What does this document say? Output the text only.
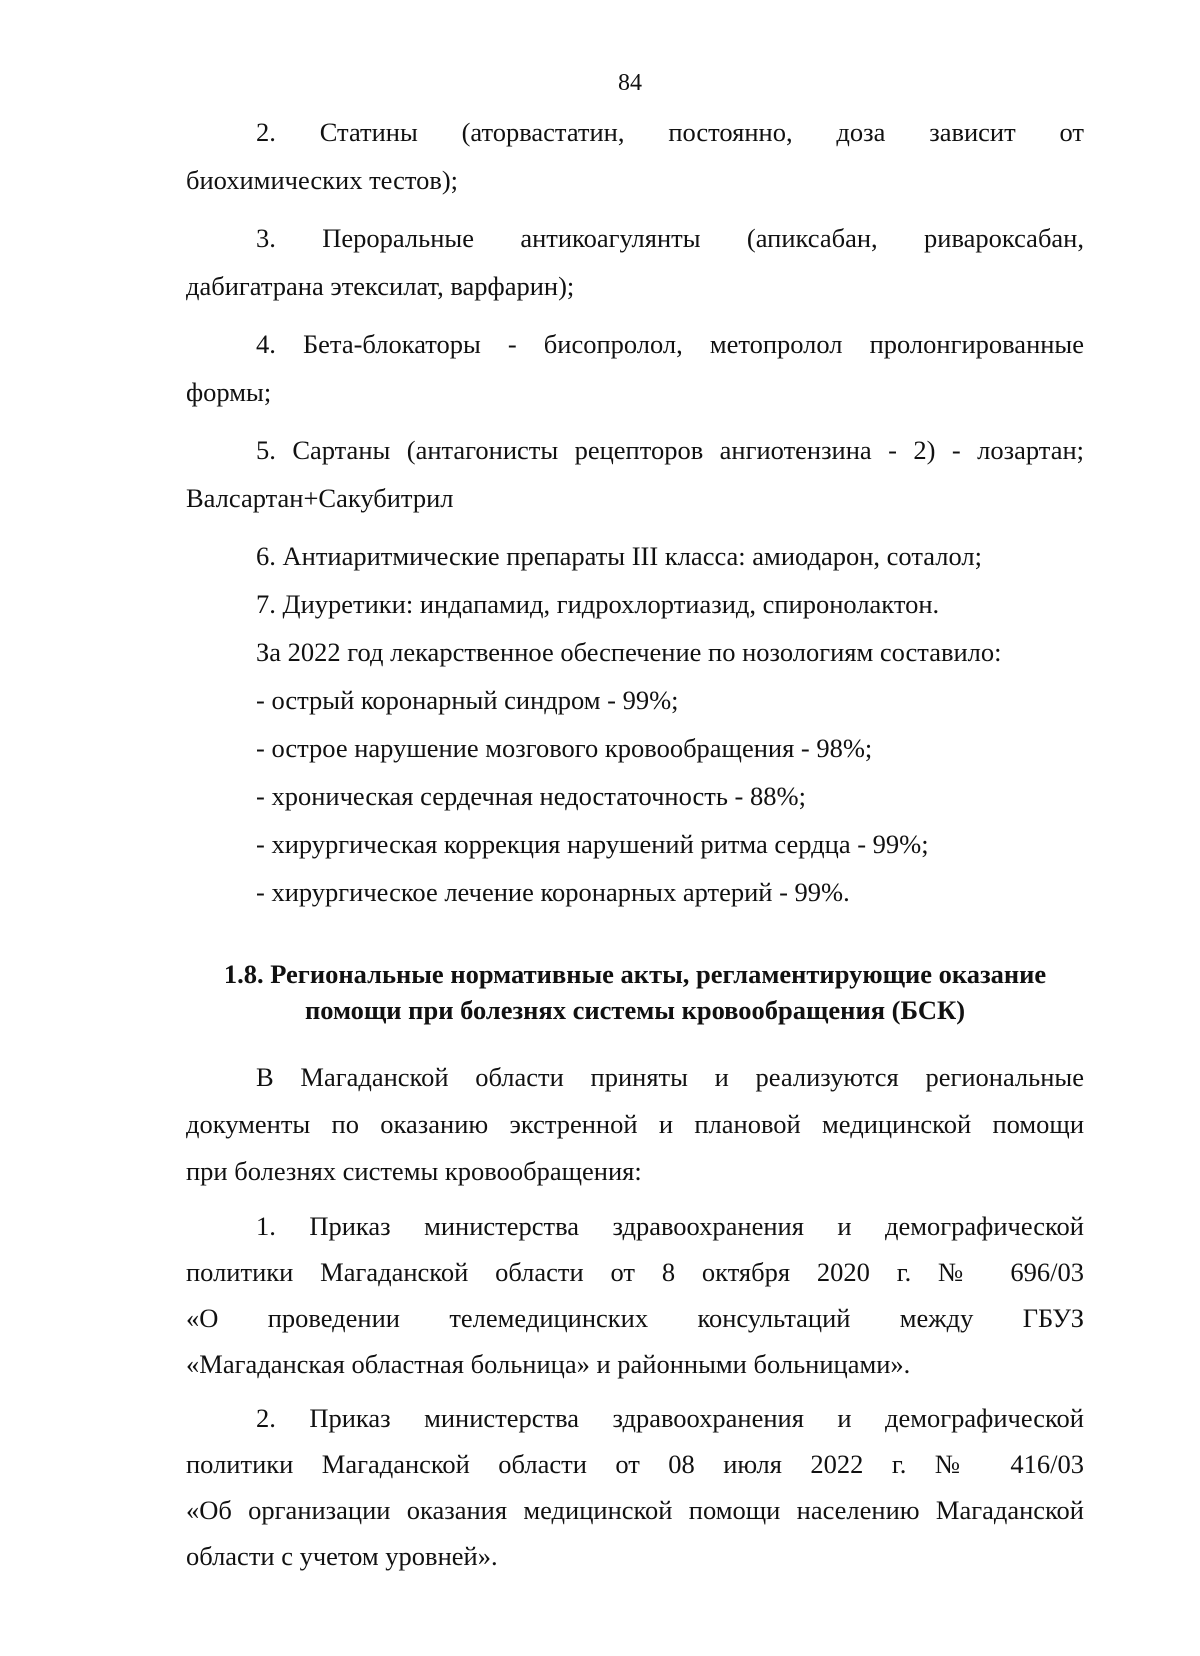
84
2. Статины (аторвастатин, постоянно, доза зависит от
биохимических тестов);
3. Пероральные антикоагулянты (апиксабан, ривароксабан,
дабигатрана этексилат, варфарин);
4. Бета-блокаторы - бисопролол, метопролол пролонгированные
формы;
5. Сартаны (антагонисты рецепторов ангиотензина - 2) - лозартан;
Валсартан+Сакубитрил
6. Антиаритмические препараты III класса: амиодарон, соталол;
7. Диуретики: индапамид, гидрохлортиазид, спиронолактон.
За 2022 год лекарственное обеспечение по нозологиям составило:
- острый коронарный синдром - 99%;
- острое нарушение мозгового кровообращения - 98%;
- хроническая сердечная недостаточность - 88%;
- хирургическая коррекция нарушений ритма сердца - 99%;
- хирургическое лечение коронарных артерий - 99%.
1.8. Региональные нормативные акты, регламентирующие оказание
помощи при болезнях системы кровообращения (БСК)
В Магаданской области приняты и реализуются региональные
документы по оказанию экстренной и плановой медицинской помощи
при болезнях системы кровообращения:
1. Приказ министерства здравоохранения и демографической
политики Магаданской области от 8 октября 2020 г. № 696/03
«О проведении телемедицинских консультаций между ГБУЗ
«Магаданская областная больница» и районными больницами».
2. Приказ министерства здравоохранения и демографической
политики Магаданской области от 08 июля 2022 г. № 416/03
«Об организации оказания медицинской помощи населению Магаданской
области с учетом уровней».
